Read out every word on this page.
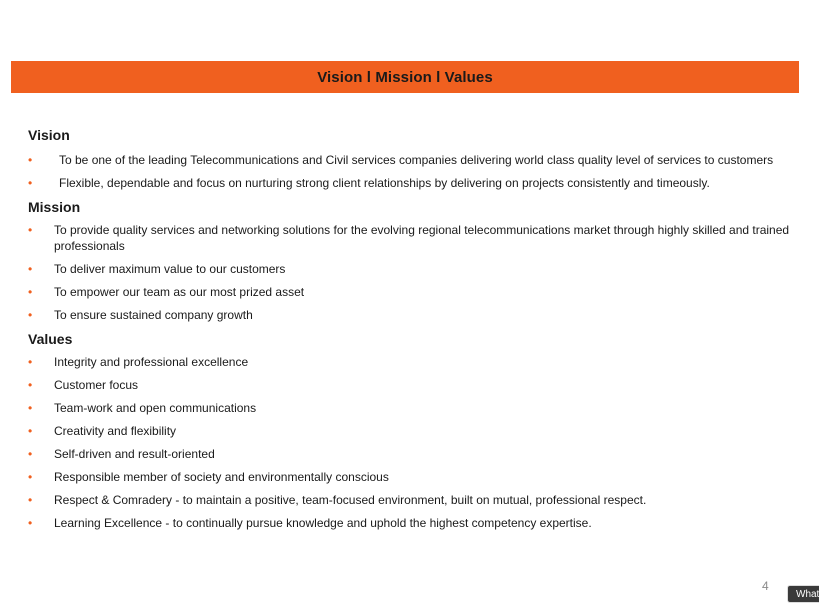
Vision l Mission l Values
Vision
• To be one of the leading Telecommunications and Civil services companies delivering world class quality level of services to customers
• Flexible, dependable and focus on nurturing strong client relationships by delivering on projects consistently and timeously.
Mission
• To provide quality services and networking solutions for the evolving regional telecommunications market through highly skilled and trained professionals
• To deliver maximum value to our customers
• To empower our team as our most prized asset
• To ensure sustained company growth
Values
• Integrity and professional excellence
• Customer focus
• Team-work and open communications
• Creativity and flexibility
• Self-driven and result-oriented
• Responsible member of society and environmentally conscious
• Respect & Comradery - to maintain a positive, team-focused environment, built on mutual, professional respect.
• Learning Excellence - to continually pursue knowledge and uphold the highest competency expertise.
4
What
